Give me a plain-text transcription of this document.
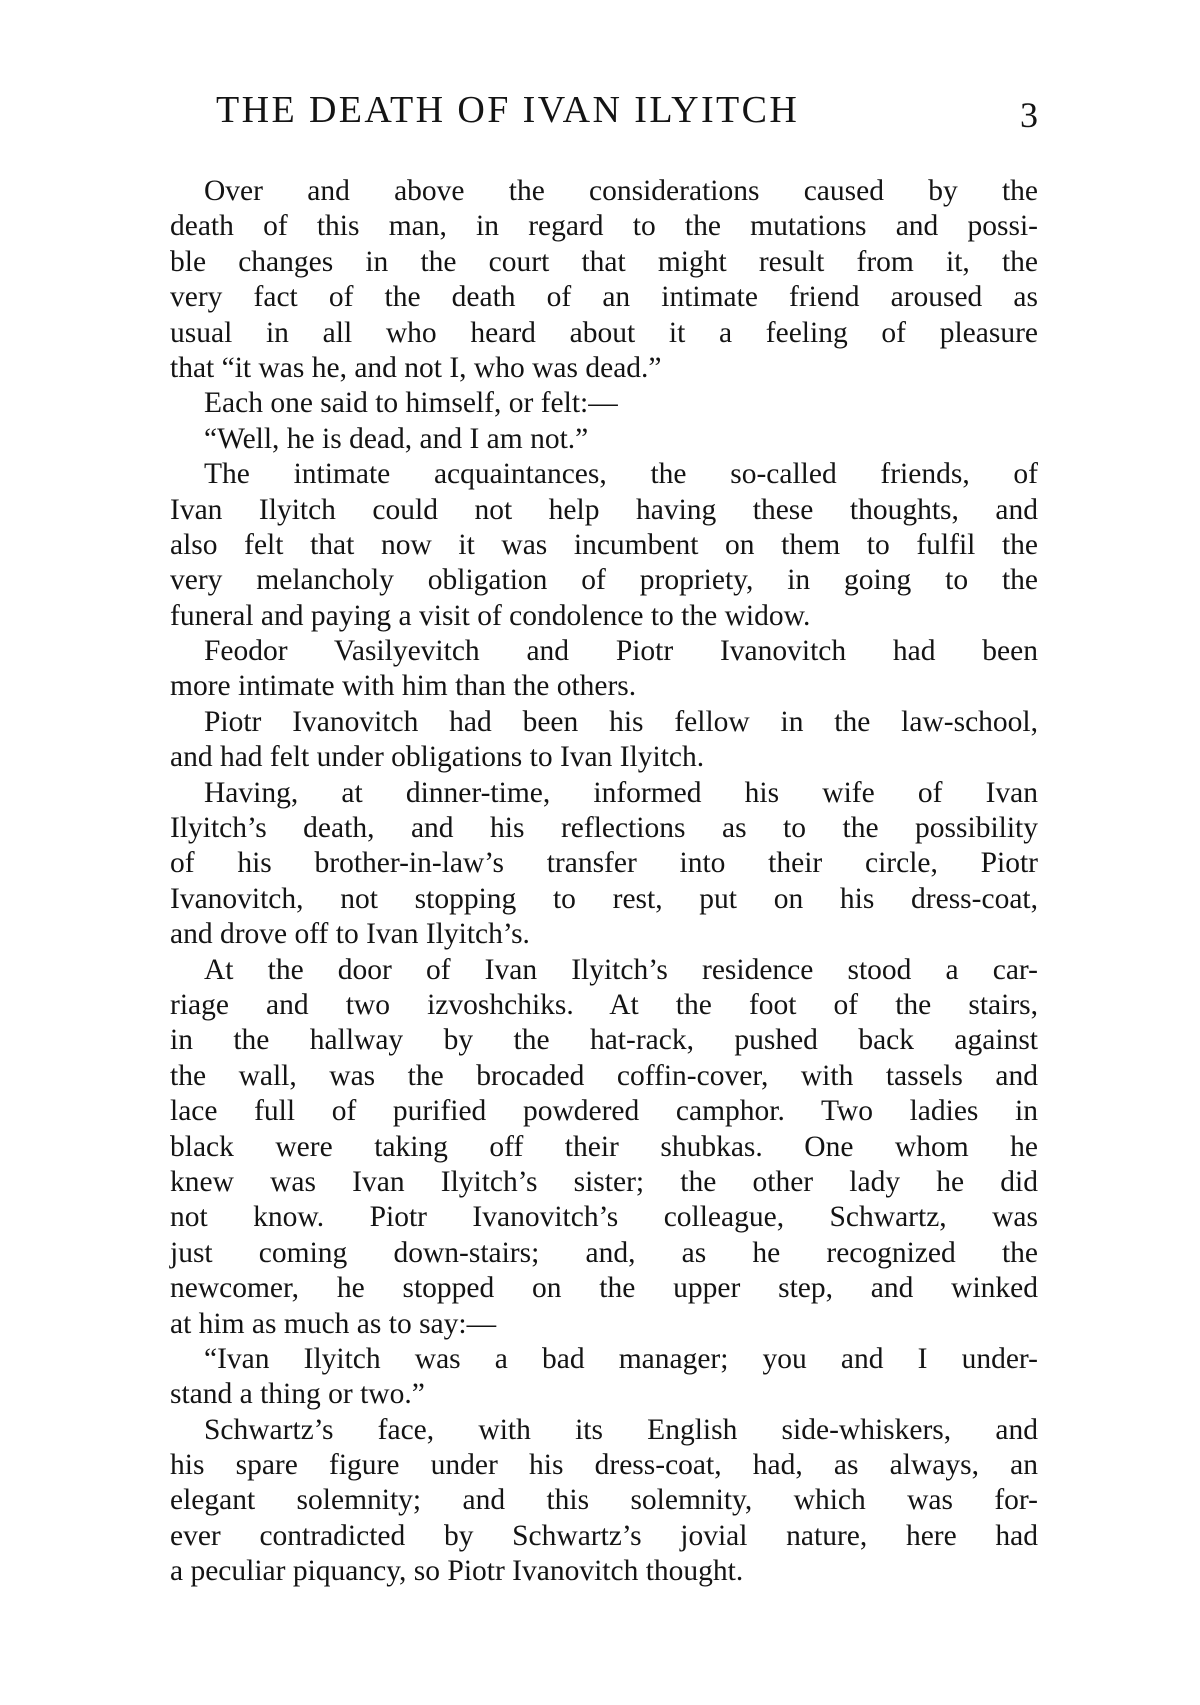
THE DEATH OF IVAN ILYITCH	3
Over and above the considerations caused by the
death of this man, in regard to the mutations and possi-
ble changes in the court that might result from it, the
very fact of the death of an intimate friend aroused as
usual in all who heard about it a feeling of pleasure
that “it was he, and not I, who was dead.”
Each one said to himself, or felt:—
“Well, he is dead, and I am not.”
The intimate acquaintances, the so-called friends, of
Ivan Ilyitch could not help having these thoughts, and
also felt that now it was incumbent on them to fulfil the
very melancholy obligation of propriety, in going to the
funeral and paying a visit of condolence to the widow.
Feodor Vasilyevitch and Piotr Ivanovitch had been
more intimate with him than the others.
Piotr Ivanovitch had been his fellow in the law-school,
and had felt under obligations to Ivan Ilyitch.
Having, at dinner-time, informed his wife of Ivan
Ilyitch’s death, and his reflections as to the possibility
of his brother-in-law’s transfer into their circle, Piotr
Ivanovitch, not stopping to rest, put on his dress-coat,
and drove off to Ivan Ilyitch’s.
At the door of Ivan Ilyitch’s residence stood a car-
riage and two izvoshchiks. At the foot of the stairs,
in the hallway by the hat-rack, pushed back against
the wall, was the brocaded coffin-cover, with tassels and
lace full of purified powdered camphor. Two ladies in
black were taking off their shubkas. One whom he
knew was Ivan Ilyitch’s sister; the other lady he did
not know. Piotr Ivanovitch’s colleague, Schwartz, was
just coming down-stairs; and, as he recognized the
newcomer, he stopped on the upper step, and winked
at him as much as to say:—
“Ivan Ilyitch was a bad manager; you and I under-
stand a thing or two.”
Schwartz’s face, with its English side-whiskers, and
his spare figure under his dress-coat, had, as always, an
elegant solemnity; and this solemnity, which was for-
ever contradicted by Schwartz’s jovial nature, here had
a peculiar piquancy, so Piotr Ivanovitch thought.
